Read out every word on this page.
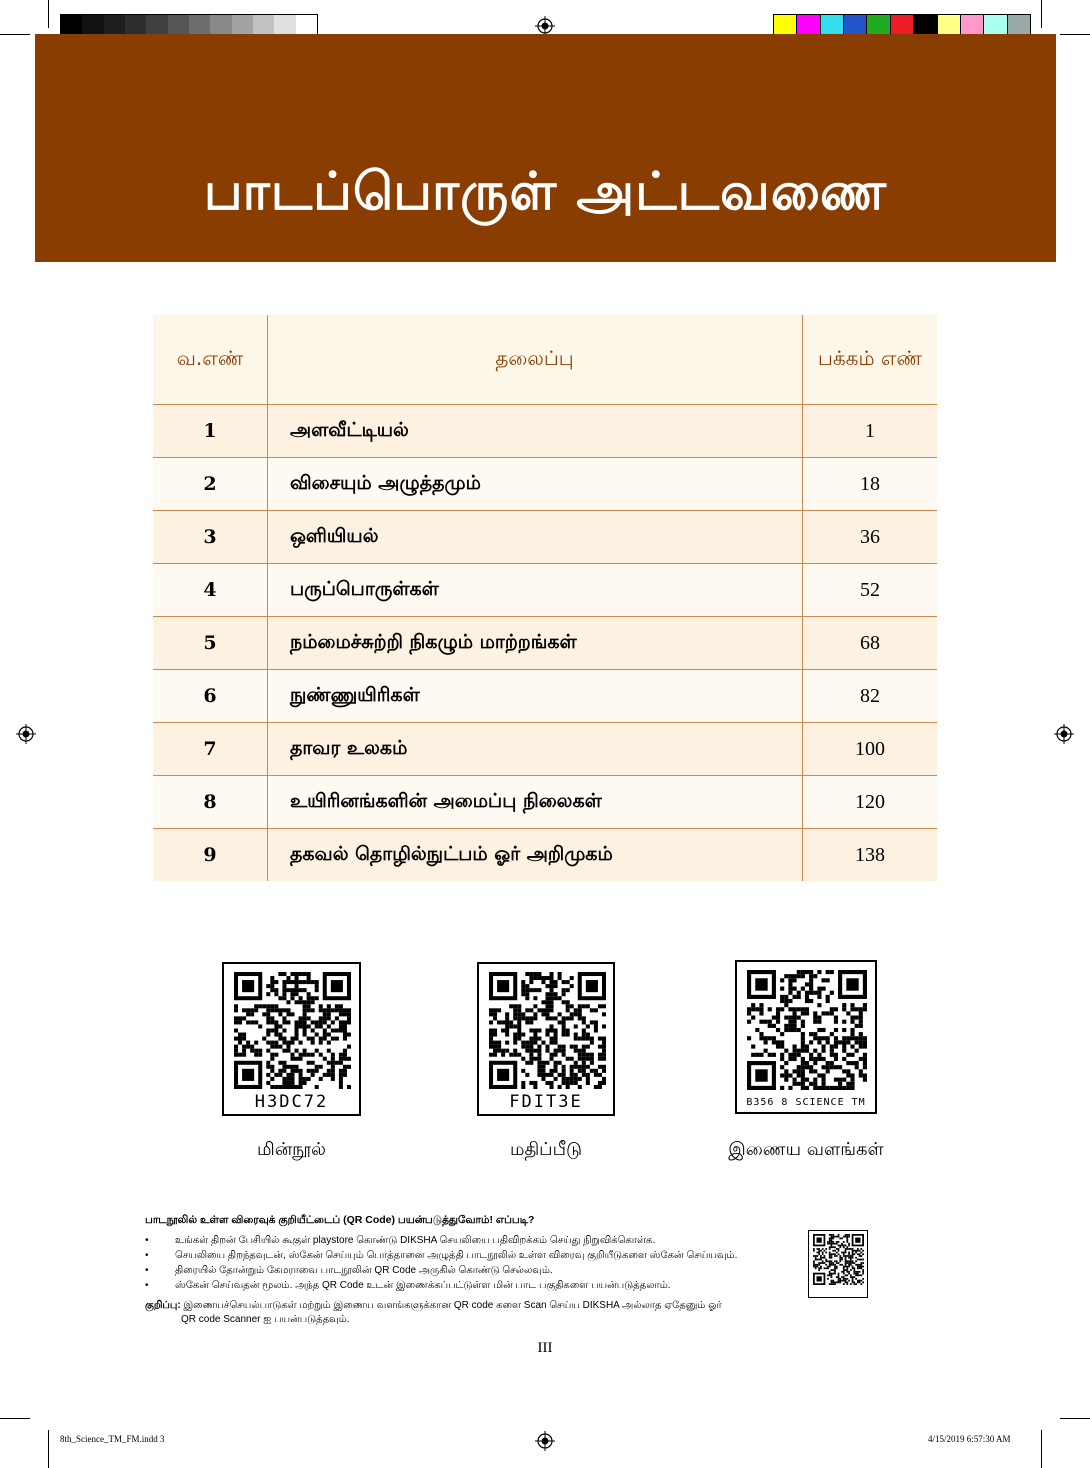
பாடப்பொருள் அட்டவணை
வ.எண்	தலைப்பு	பக்கம் எண்
1	அளவீட்டியல்	1
2	விசையும் அழுத்தமும்	18
3	ஒளியியல்	36
4	பருப்பொருள்கள்	52
5	நம்மைச்சுற்றி நிகழும் மாற்றங்கள்	68
6	நுண்ணுயிரிகள்	82
7	தாவர உலகம்	100
8	உயிரினங்களின் அமைப்பு நிலைகள்	120
9	தகவல் தொழில்நுட்பம் ஓர் அறிமுகம்	138
H3DC72
மின்நூல்
FDIT3E
மதிப்பீடு
B356 8 SCIENCE TM
இணைய வளங்கள்
பாடநூலில் உள்ள விரைவுக் குறியீட்டைப் (QR Code) பயன்படுத்துவோம்! எப்படி?
• உங்கள் திறன் பேசியில் கூகுள் playstore கொண்டு DIKSHA செயலியை பதிவிறக்கம் செய்து நிறுவிக்கொள்க.
• செயலியை திறந்தவுடன், ஸ்கேன் செய்யும் பொத்தானை அழுத்தி பாடநூலில் உள்ள விரைவு குறியீடுகளை ஸ்கேன் செய்யவும்.
• திரையில் தோன்றும் கேமராவை பாடநூலின் QR Code அருகில் கொண்டு செல்லவும்.
• ஸ்கேன் செய்வதன் மூலம். அந்த QR Code உடன் இணைக்கப்பட்டுள்ள மின் பாட பகுதிகளை பயன்படுத்தலாம்.
குறிப்பு: இணையச்செயல்பாடுகள் மற்றும் இணைய வளங்களுக்கான QR code களை Scan செய்ய DIKSHA அல்லாத ஏதேனும் ஓர்
QR code Scanner ஐ பயன்படுத்தவும்.
III
8th_Science_TM_FM.indd 3	4/15/2019 6:57:30 AM
